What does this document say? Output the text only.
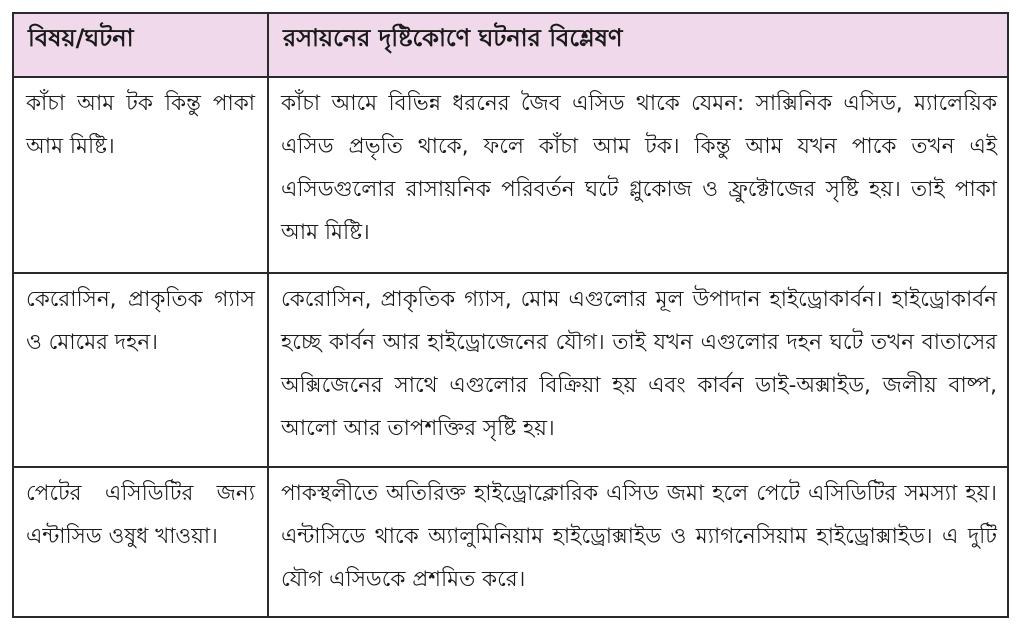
বিষয়/ঘটনা	রসায়নের দৃষ্টিকোণে ঘটনার বিশ্লেষণ
কাঁচা আম টক কিন্তু পাকা আম মিষ্টি।	কাঁচা আমে বিভিন্ন ধরনের জৈব এসিড থাকে যেমন: সাক্সিনিক এসিড, ম্যালেয়িক এসিড প্রভৃতি থাকে, ফলে কাঁচা আম টক। কিন্তু আম যখন পাকে তখন এই এসিডগুলোর রাসায়নিক পরিবর্তন ঘটে গ্লুকোজ ও ফ্রুক্টোজের সৃষ্টি হয়। তাই পাকা আম মিষ্টি।
কেরোসিন, প্রাকৃতিক গ্যাস ও মোমের দহন।	কেরোসিন, প্রাকৃতিক গ্যাস, মোম এগুলোর মূল উপাদান হাইড্রোকার্বন। হাইড্রোকার্বন হচ্ছে কার্বন আর হাইড্রোজেনের যৌগ। তাই যখন এগুলোর দহন ঘটে তখন বাতাসের অক্সিজেনের সাথে এগুলোর বিক্রিয়া হয় এবং কার্বন ডাই-অক্সাইড, জলীয় বাষ্প, আলো আর তাপশক্তির সৃষ্টি হয়।
পেটের এসিডিটির জন্য এন্টাসিড ওষুধ খাওয়া।	পাকস্থলীতে অতিরিক্ত হাইড্রোক্লোরিক এসিড জমা হলে পেটে এসিডিটির সমস্যা হয়। এন্টাসিডে থাকে অ্যালুমিনিয়াম হাইড্রোক্সাইড ও ম্যাগনেসিয়াম হাইড্রোক্সাইড। এ দুটি যৌগ এসিডকে প্রশমিত করে।
